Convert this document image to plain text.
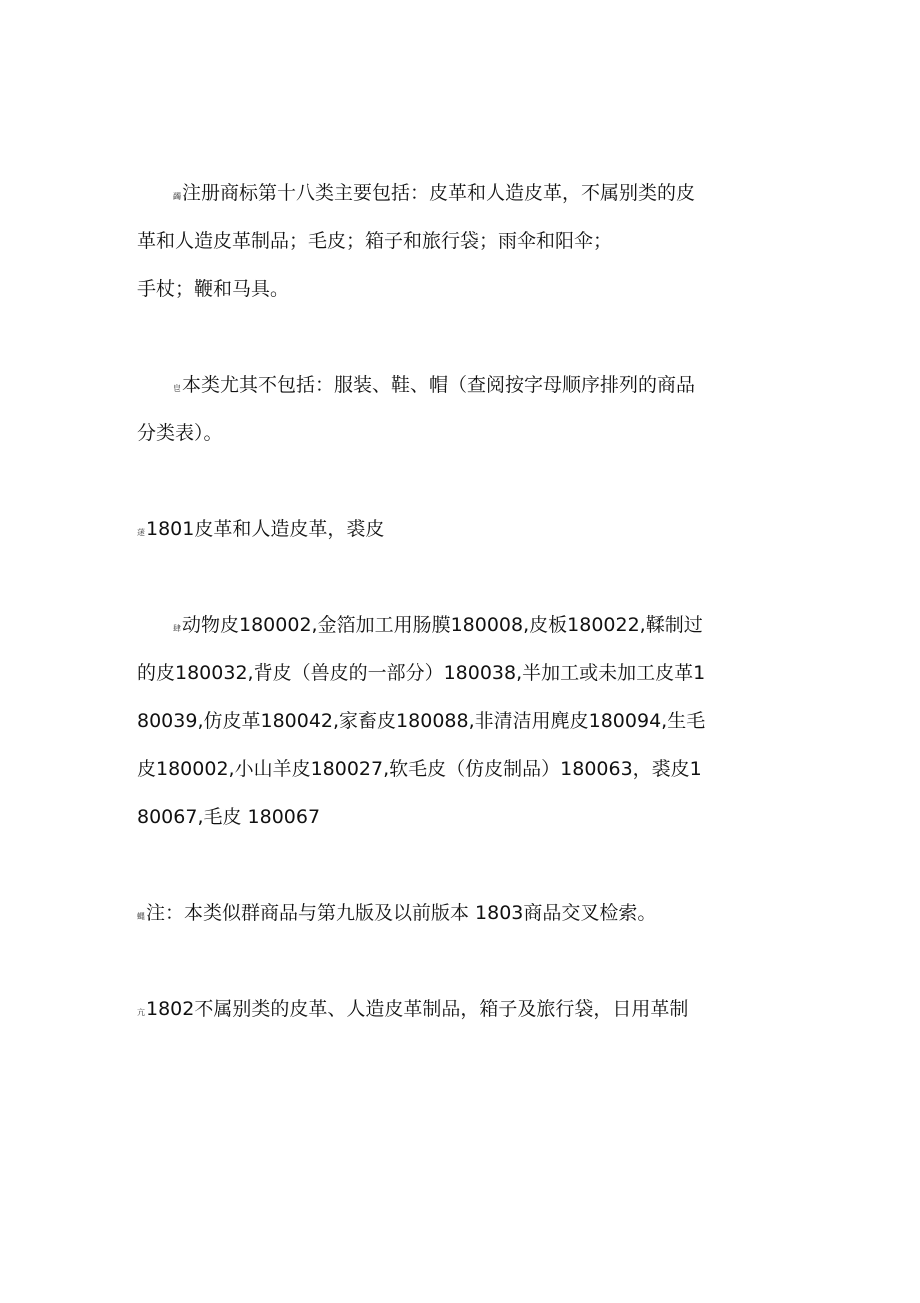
蠲注册商标第十八类主要包括：皮革和人造皮革，不属别类的皮革和人造皮革制品；毛皮；箱子和旅行袋；雨伞和阳伞；

手杖；鞭和马具。

皀本类尤其不包括：服装、鞋、帽（查阅按字母顺序排列的商品分类表）。

蒁1801皮革和人造皮革，裘皮

肆动物皮180002,金箔加工用肠膜180008,皮板180022,鞣制过的皮180032,背皮（兽皮的一部分）180038,半加工或未加工皮革180039,仿皮革180042,家畜皮180088,非清洁用麂皮180094,生毛皮180002,小山羊皮180027,软毛皮（仿皮制品）180063，裘皮180067,毛皮 180067

蝿注：本类似群商品与第九版及以前版本 1803商品交叉检索。

亢1802不属别类的皮革、人造皮革制品，箱子及旅行袋，日用革制
